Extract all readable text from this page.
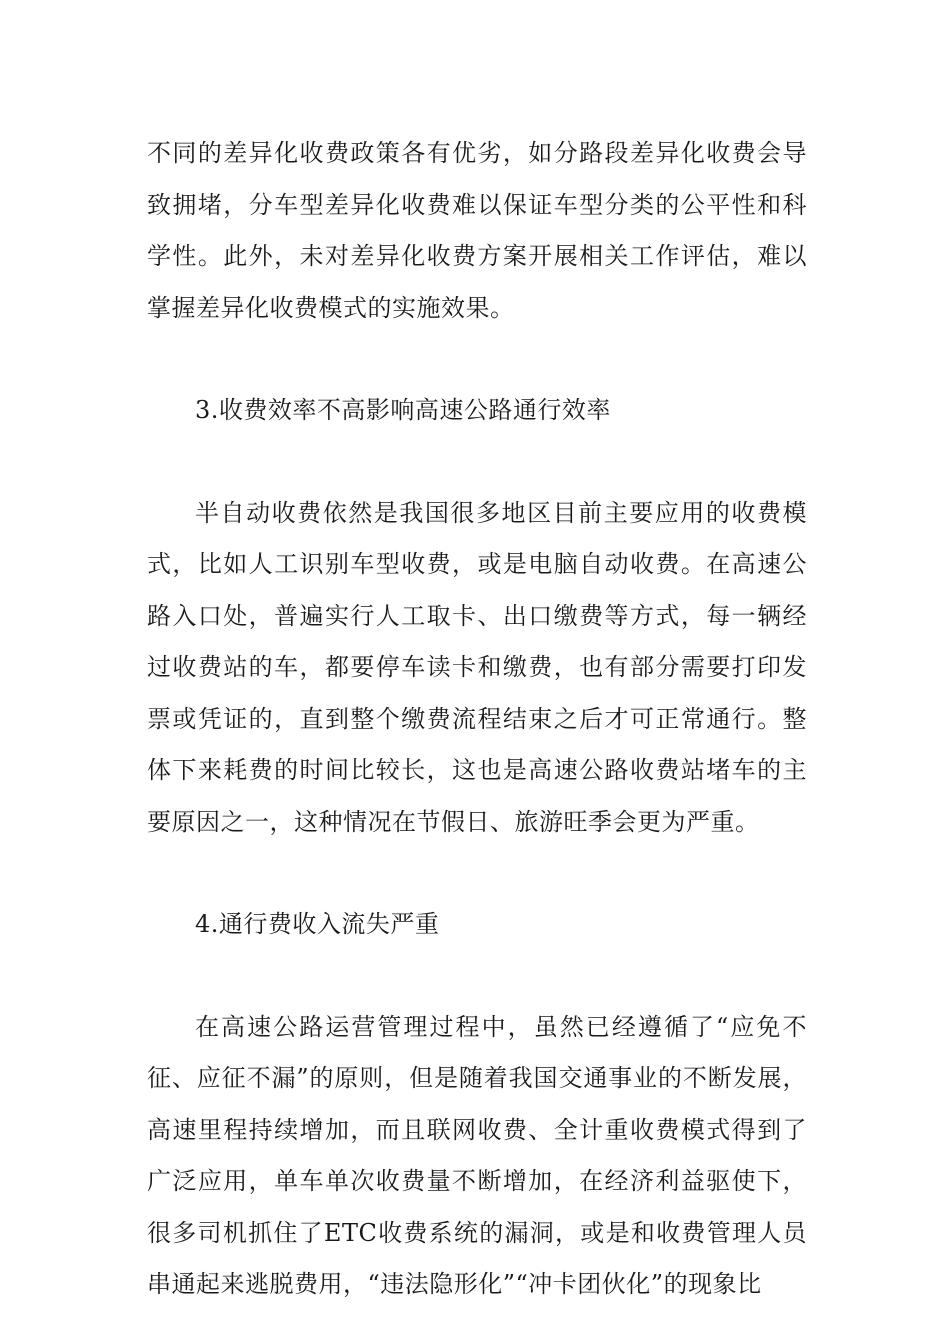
不同的差异化收费政策各有优劣，如分路段差异化收费会导致拥堵，分车型差异化收费难以保证车型分类的公平性和科学性。此外，未对差异化收费方案开展相关工作评估，难以掌握差异化收费模式的实施效果。

3.收费效率不高影响高速公路通行效率

半自动收费依然是我国很多地区目前主要应用的收费模式，比如人工识别车型收费，或是电脑自动收费。在高速公路入口处，普遍实行人工取卡、出口缴费等方式，每一辆经过收费站的车，都要停车读卡和缴费，也有部分需要打印发票或凭证的，直到整个缴费流程结束之后才可正常通行。整体下来耗费的时间比较长，这也是高速公路收费站堵车的主要原因之一，这种情况在节假日、旅游旺季会更为严重。

4.通行费收入流失严重

在高速公路运营管理过程中，虽然已经遵循了“应免不征、应征不漏”的原则，但是随着我国交通事业的不断发展，高速里程持续增加，而且联网收费、全计重收费模式得到了广泛应用，单车单次收费量不断增加，在经济利益驱使下，很多司机抓住了ETC收费系统的漏洞，或是和收费管理人员串通起来逃脱费用，“违法隐形化”“冲卡团伙化”的现象比
